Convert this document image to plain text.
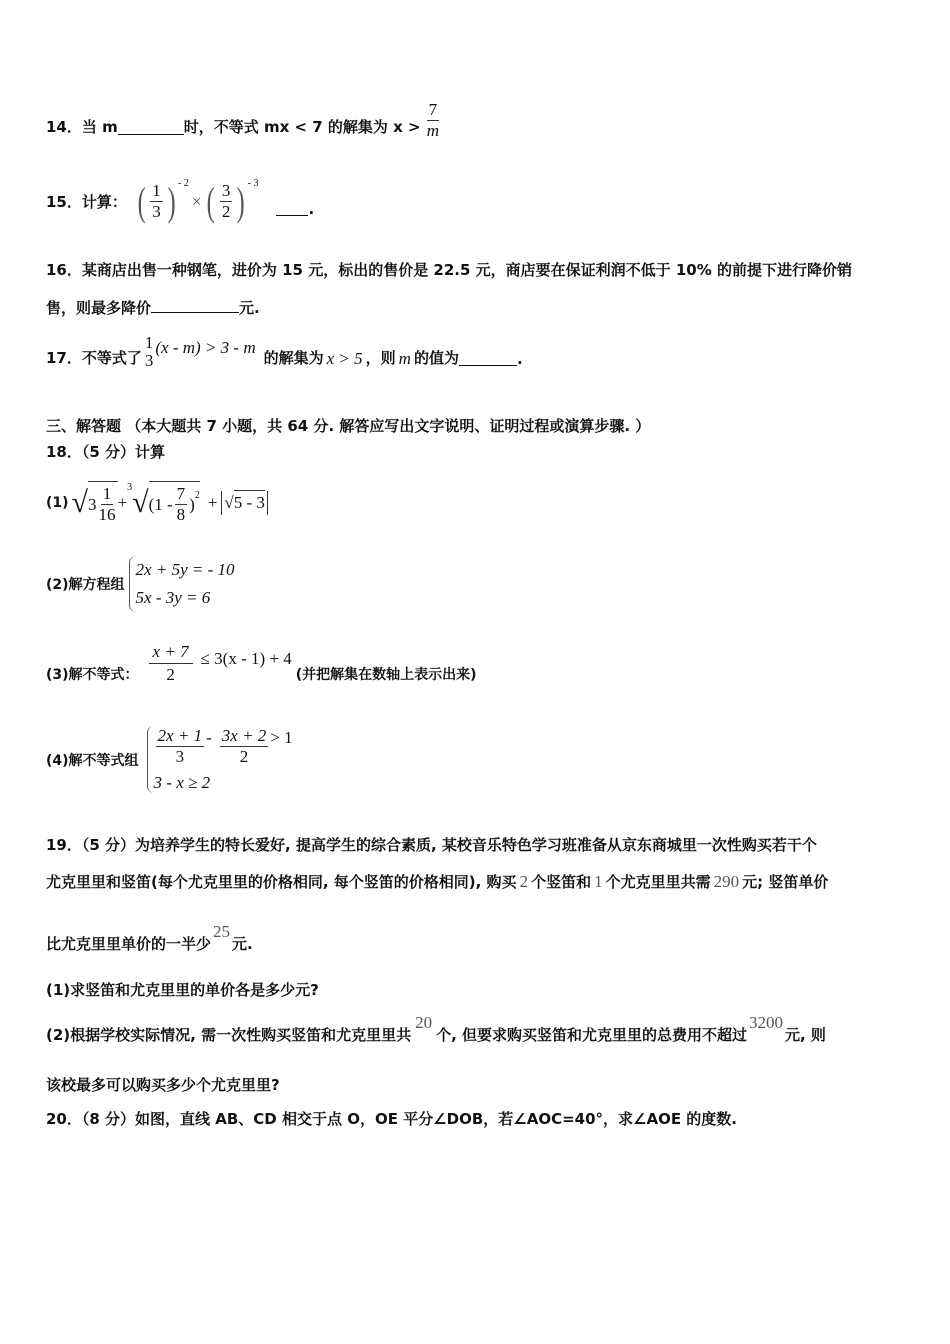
14． 当 m	时，不等式 mx < 7 的解集为 $x > \frac{7}{m}$
15． 计算： ( $\frac{1}{3}$ ) - 2
× ( $\frac{3}{2}$ ) - 3
.
16．某商店出售一种钢笔，进价为 15 元，标出的售价是 22.5 元，商店要在保证利润不低于 10% 的前提下进行降价销
售，则最多降价	元.
17．不等式了
1
3
(x - m) > 3 - m
的解集为 x > 5 ，则 m 的值为	.
三、解答题 （本大题共 7 小题，共 64 分. 解答应写出文字说明、证明过程或演算步骤. ）
18．（5 分）计算
(1) √ $3 \frac{1}{16}$ +
3 √ ($1 - \frac{7}{8}$ ) 2 + √5 - 3
(2)解方程组
2x + 5y = - 10
5x - 3y = 6
(3)解不等式： $\frac{x + 7}{2} \le 3(x - 1) + 4$
(并把解集在数轴上表示出来)
(4)解不等式组 $\frac{2x + 1}{3} - \frac{3x + 2}{2} > 1$
3 - x ≥ 2
19．（5 分）为培养学生的特长爱好, 提高学生的综合素质, 某校音乐特色学习班准备从京东商城里一次性购买若干个
尤克里里和竖笛(每个尤克里里的价格相同, 每个竖笛的价格相同), 购买 2 个竖笛和 1 个尤克里里共需 290 元; 竖笛单价
比尤克里里单价的一半少25元.
(1)求竖笛和尤克里里的单价各是多少元?
(2)根据学校实际情况, 需一次性购买竖笛和尤克里里共20个, 但要求购买竖笛和尤克里里的总费用不超过3200元, 则
该校最多可以购买多少个尤克里里?
20．（8 分）如图，直线 AB、CD 相交于点 O，OE 平分∠DOB，若∠AOC=40°，求∠AOE 的度数.
